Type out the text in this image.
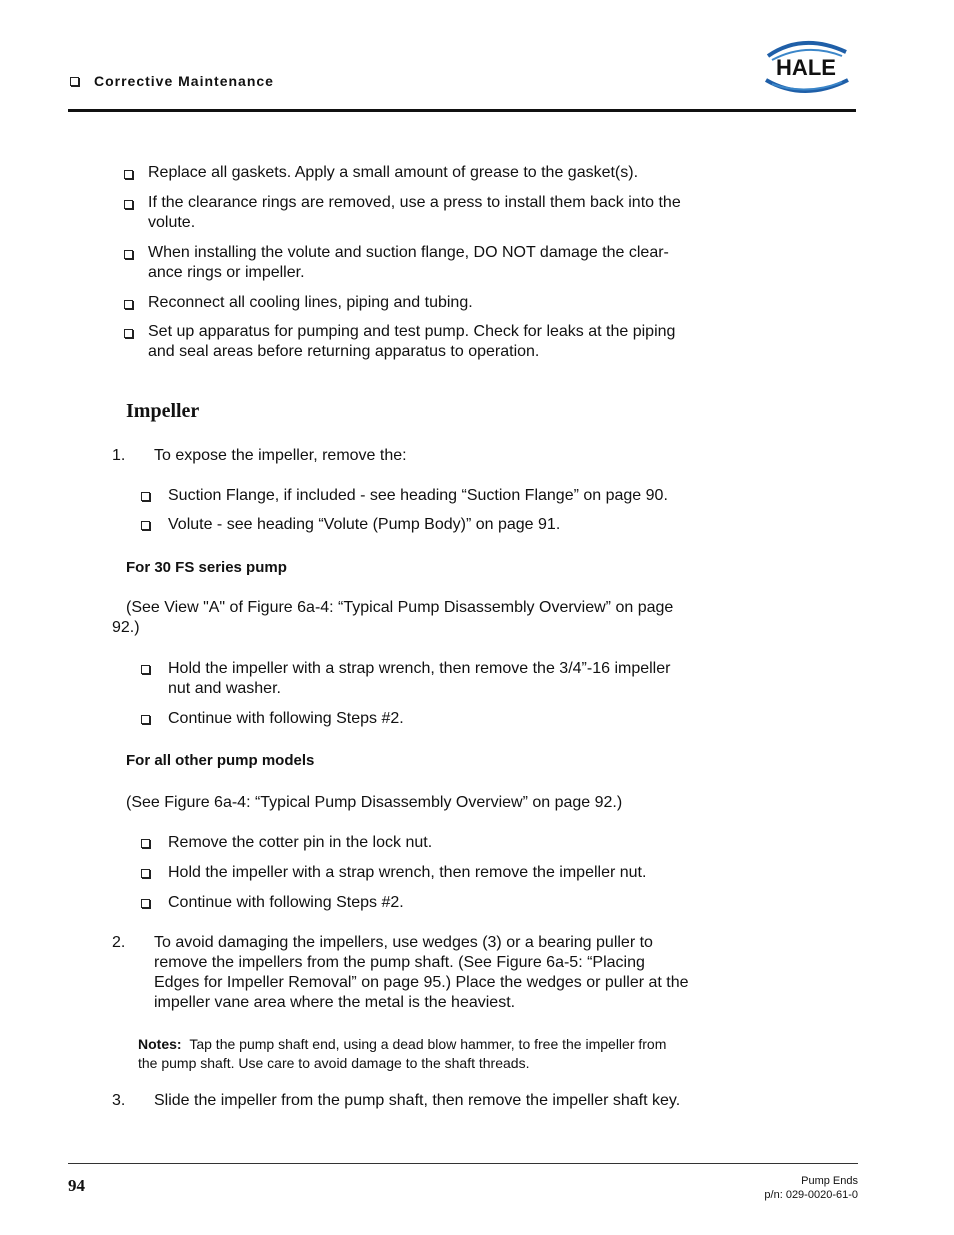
Corrective Maintenance
HALE
Replace all gaskets. Apply a small amount of grease to the gasket(s).
If the clearance rings are removed, use a press to install them back into the
volute.
When installing the volute and suction flange, DO NOT damage the clear-
ance rings or impeller.
Reconnect all cooling lines, piping and tubing.
Set up apparatus for pumping and test pump. Check for leaks at the piping
and seal areas before returning apparatus to operation.
Impeller
1. To expose the impeller, remove the:
Suction Flange, if included - see heading “Suction Flange” on page 90.
Volute - see heading “Volute (Pump Body)” on page 91.
For 30 FS series pump
(See View "A" of Figure 6a-4: “Typical Pump Disassembly Overview” on page
92.)
Hold the impeller with a strap wrench, then remove the 3/4”-16 impeller
nut and washer.
Continue with following Steps #2.
For all other pump models
(See Figure 6a-4: “Typical Pump Disassembly Overview” on page 92.)
Remove the cotter pin in the lock nut.
Hold the impeller with a strap wrench, then remove the impeller nut.
Continue with following Steps #2.
2. To avoid damaging the impellers, use wedges (3) or a bearing puller to
remove the impellers from the pump shaft. (See Figure 6a-5: “Placing
Edges for Impeller Removal” on page 95.) Place the wedges or puller at the
impeller vane area where the metal is the heaviest.
Notes: Tap the pump shaft end, using a dead blow hammer, to free the impeller from
the pump shaft. Use care to avoid damage to the shaft threads.
3. Slide the impeller from the pump shaft, then remove the impeller shaft key.
94	Pump Ends
p/n: 029-0020-61-0
